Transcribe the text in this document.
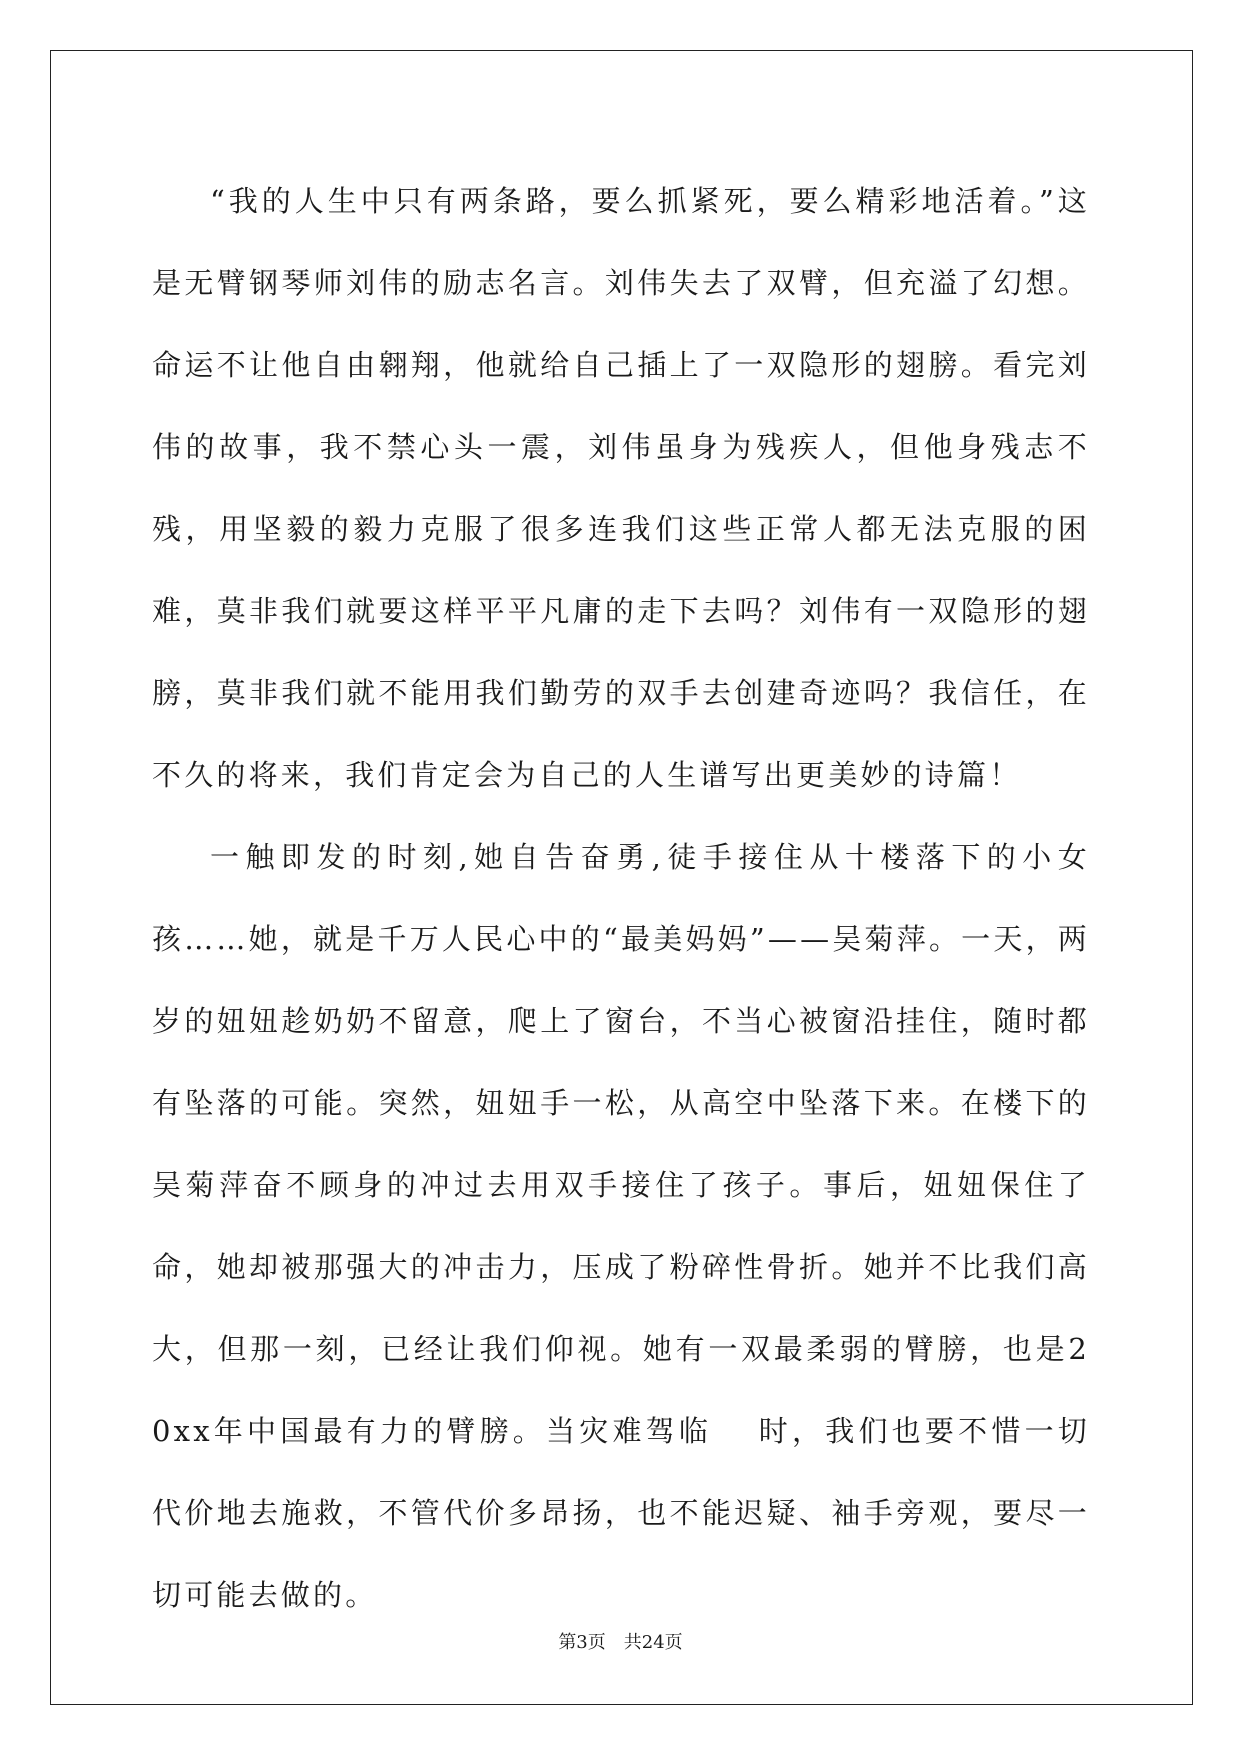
“我的人生中只有两条路，要么抓紧死，要么精彩地活着。”这是无臂钢琴师刘伟的励志名言。刘伟失去了双臂，但充溢了幻想。命运不让他自由翱翔，他就给自己插上了一双隐形的翅膀。看完刘伟的故事，我不禁心头一震，刘伟虽身为残疾人，但他身残志不残，用坚毅的毅力克服了很多连我们这些正常人都无法克服的困难，莫非我们就要这样平平凡庸的走下去吗？刘伟有一双隐形的翅膀，莫非我们就不能用我们勤劳的双手去创建奇迹吗？我信任，在不久的将来，我们肯定会为自己的人生谱写出更美妙的诗篇！

一触即发的时刻,她自告奋勇,徒手接住从十楼落下的小女孩……她，就是千万人民心中的“最美妈妈”——吴菊萍。一天，两岁的妞妞趁奶奶不留意，爬上了窗台，不当心被窗沿挂住，随时都有坠落的可能。突然，妞妞手一松，从高空中坠落下来。在楼下的吴菊萍奋不顾身的冲过去用双手接住了孩子。事后，妞妞保住了命，她却被那强大的冲击力，压成了粉碎性骨折。她并不比我们高大，但那一刻，已经让我们仰视。她有一双最柔弱的臂膀，也是20xx年中国最有力的臂膀。当灾难驾临　 时，我们也要不惜一切代价地去施救，不管代价多昂扬，也不能迟疑、袖手旁观，要尽一切可能去做的。

第3页　共24页
